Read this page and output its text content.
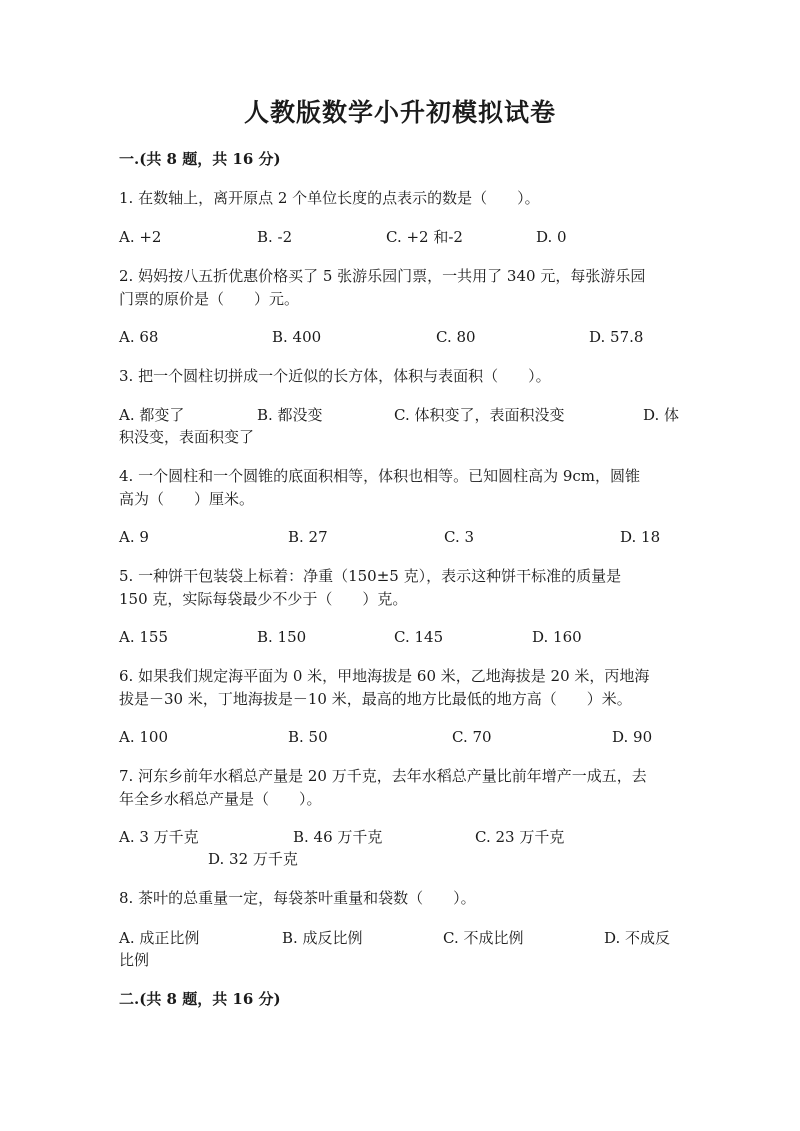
人教版数学小升初模拟试卷
一.(共 8 题，共 16 分)
1. 在数轴上，离开原点 2 个单位长度的点表示的数是（　　）。
A. +2	B. -2	C. +2 和-2	D. 0
2. 妈妈按八五折优惠价格买了 5 张游乐园门票，一共用了 340 元，每张游乐园
门票的原价是（　　）元。
A. 68	B. 400	C. 80	D. 57.8
3. 把一个圆柱切拼成一个近似的长方体，体积与表面积（　　）。
A. 都变了	B. 都没变	C. 体积变了，表面积没变	D. 体
积没变，表面积变了
4. 一个圆柱和一个圆锥的底面积相等，体积也相等。已知圆柱高为 9cm，圆锥
高为（　　）厘米。
A. 9	B. 27	C. 3	D. 18
5. 一种饼干包装袋上标着：净重（150±5 克），表示这种饼干标准的质量是
150 克，实际每袋最少不少于（　　）克。
A. 155	B. 150	C. 145	D. 160
6. 如果我们规定海平面为 0 米，甲地海拔是 60 米，乙地海拔是 20 米，丙地海
拔是－30 米，丁地海拔是－10 米，最高的地方比最低的地方高（　　）米。
A. 100	B. 50	C. 70	D. 90
7. 河东乡前年水稻总产量是 20 万千克，去年水稻总产量比前年增产一成五，去
年全乡水稻总产量是（　　）。
A. 3 万千克	B. 46 万千克	C. 23 万千克
D. 32 万千克
8. 茶叶的总重量一定，每袋茶叶重量和袋数（　　）。
A. 成正比例	B. 成反比例	C. 不成比例	D. 不成反
比例
二.(共 8 题，共 16 分)
